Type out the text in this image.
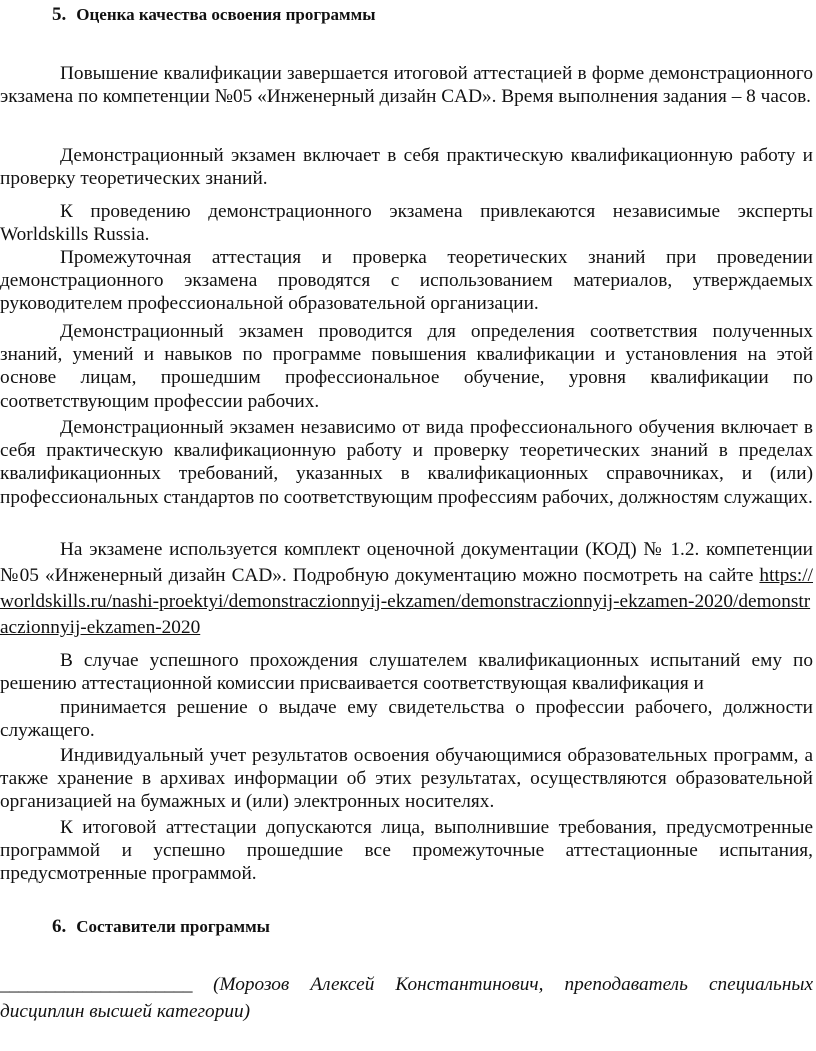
5. Оценка качества освоения программы

Повышение квалификации завершается итоговой аттестацией в форме демонстрационного экзамена по компетенции №05 «Инженерный дизайн CAD». Время выполнения задания – 8 часов.

Демонстрационный экзамен включает в себя практическую квалификационную работу и проверку теоретических знаний.

К проведению демонстрационного экзамена привлекаются независимые эксперты Worldskills Russia.

Промежуточная аттестация и проверка теоретических знаний при проведении демонстрационного экзамена проводятся с использованием материалов, утверждаемых руководителем профессиональной образовательной организации.

Демонстрационный экзамен проводится для определения соответствия полученных знаний, умений и навыков по программе повышения квалификации и установления на этой основе лицам, прошедшим профессиональное обучение, уровня квалификации по соответствующим профессии рабочих.

Демонстрационный экзамен независимо от вида профессионального обучения включает в себя практическую квалификационную работу и проверку теоретических знаний в пределах квалификационных требований, указанных в квалификационных справочниках, и (или) профессиональных стандартов по соответствующим профессиям рабочих, должностям служащих.

На экзамене используется комплект оценочной документации (КОД) № 1.2. компетенции №05 «Инженерный дизайн CAD». Подробную документацию можно посмотреть на сайте https://worldskills.ru/nashi-proektyi/demonstraczionnyij-ekzamen/demonstraczionnyij-ekzamen-2020/demonstraczionnyij-ekzamen-2020

В случае успешного прохождения слушателем квалификационных испытаний ему по решению аттестационной комиссии присваивается соответствующая квалификация и

принимается решение о выдаче ему свидетельства о профессии рабочего, должности служащего.

Индивидуальный учет результатов освоения обучающимися образовательных программ, а также хранение в архивах информации об этих результатах, осуществляются образовательной организацией на бумажных и (или) электронных носителях.

К итоговой аттестации допускаются лица, выполнившие требования, предусмотренные программой и успешно прошедшие все промежуточные аттестационные испытания, предусмотренные программой.

6. Составители программы

_____________________ (Морозов Алексей Константинович, преподаватель специальных дисциплин высшей категории)
